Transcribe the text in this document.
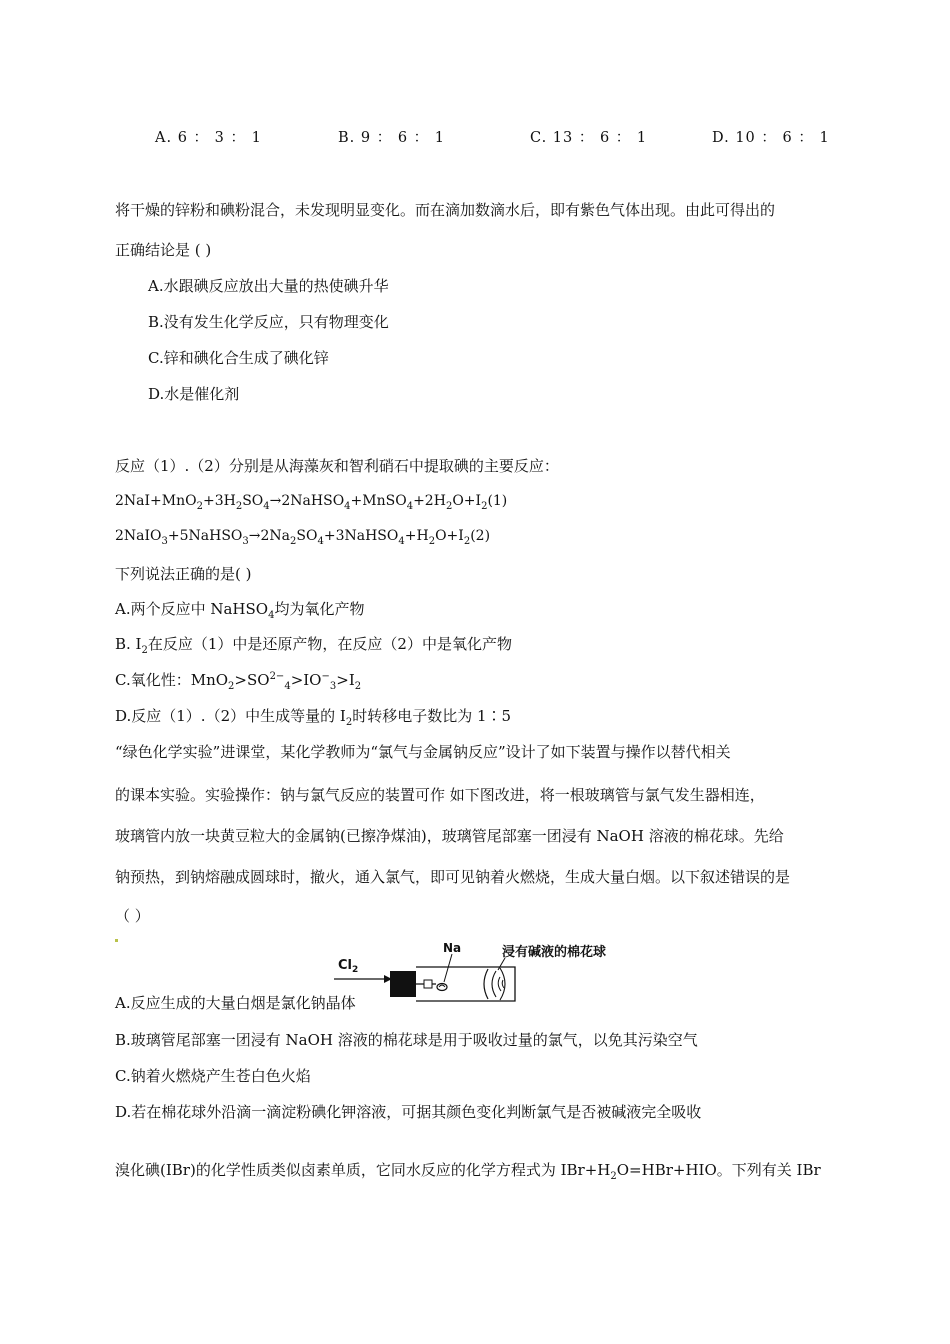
A. 6 ： 3 ： 1	B. 9 ： 6 ： 1	C. 13 ： 6 ： 1	D. 10 ： 6 ： 1
将干燥的锌粉和碘粉混合，未发现明显变化。而在滴加数滴水后，即有紫色气体出现。由此可得出的
正确结论是 ( )
A.水跟碘反应放出大量的热使碘升华
B.没有发生化学反应，只有物理变化
C.锌和碘化合生成了碘化锌
D.水是催化剂
反应（1）.（2）分别是从海藻灰和智利硝石中提取碘的主要反应：
$2NaI+MnO_2+3H_2SO_4\to 2NaHSO_4+MnSO_4+2H_2O+I_2(1)$
$2NaIO_3+5NaHSO_3\to 2Na_2SO_4+3NaHSO_4+H_2O+I_2(2)$
下列说法正确的是( )
A.两个反应中 NaHSO$_4$均为氧化产物
B. $I_2$在反应（1）中是还原产物，在反应（2）中是氧化产物
C.氧化性：$MnO_2>SO^{2-}_4>IO^-_3>I_2$
D.反应（1）.（2）中生成等量的 $I_2$时转移电子数比为 1∶5
“绿色化学实验”进课堂，某化学教师为“氯气与金属钠反应”设计了如下装置与操作以替代相关
的课本实验。实验操作：钠与氯气反应的装置可作 如下图改进，将一根玻璃管与氯气发生器相连，
玻璃管内放一块黄豆粒大的金属钠(已擦净煤油)，玻璃管尾部塞一团浸有 NaOH 溶液的棉花球。先给
钠预热，到钠熔融成圆球时，撤火，通入氯气，即可见钠着火燃烧，生成大量白烟。以下叙述错误的是
（ ）
$Cl_2$
Na	浸有碱液的棉花球
A.反应生成的大量白烟是氯化钠晶体
B.玻璃管尾部塞一团浸有 NaOH 溶液的棉花球是用于吸收过量的氯气，以免其污染空气
C.钠着火燃烧产生苍白色火焰
D.若在棉花球外沿滴一滴淀粉碘化钾溶液，可据其颜色变化判断氯气是否被碱液完全吸收
溴化碘(IBr)的化学性质类似卤素单质，它同水反应的化学方程式为 $IBr+H_2O=HBr+HIO$。下列有关 IBr
